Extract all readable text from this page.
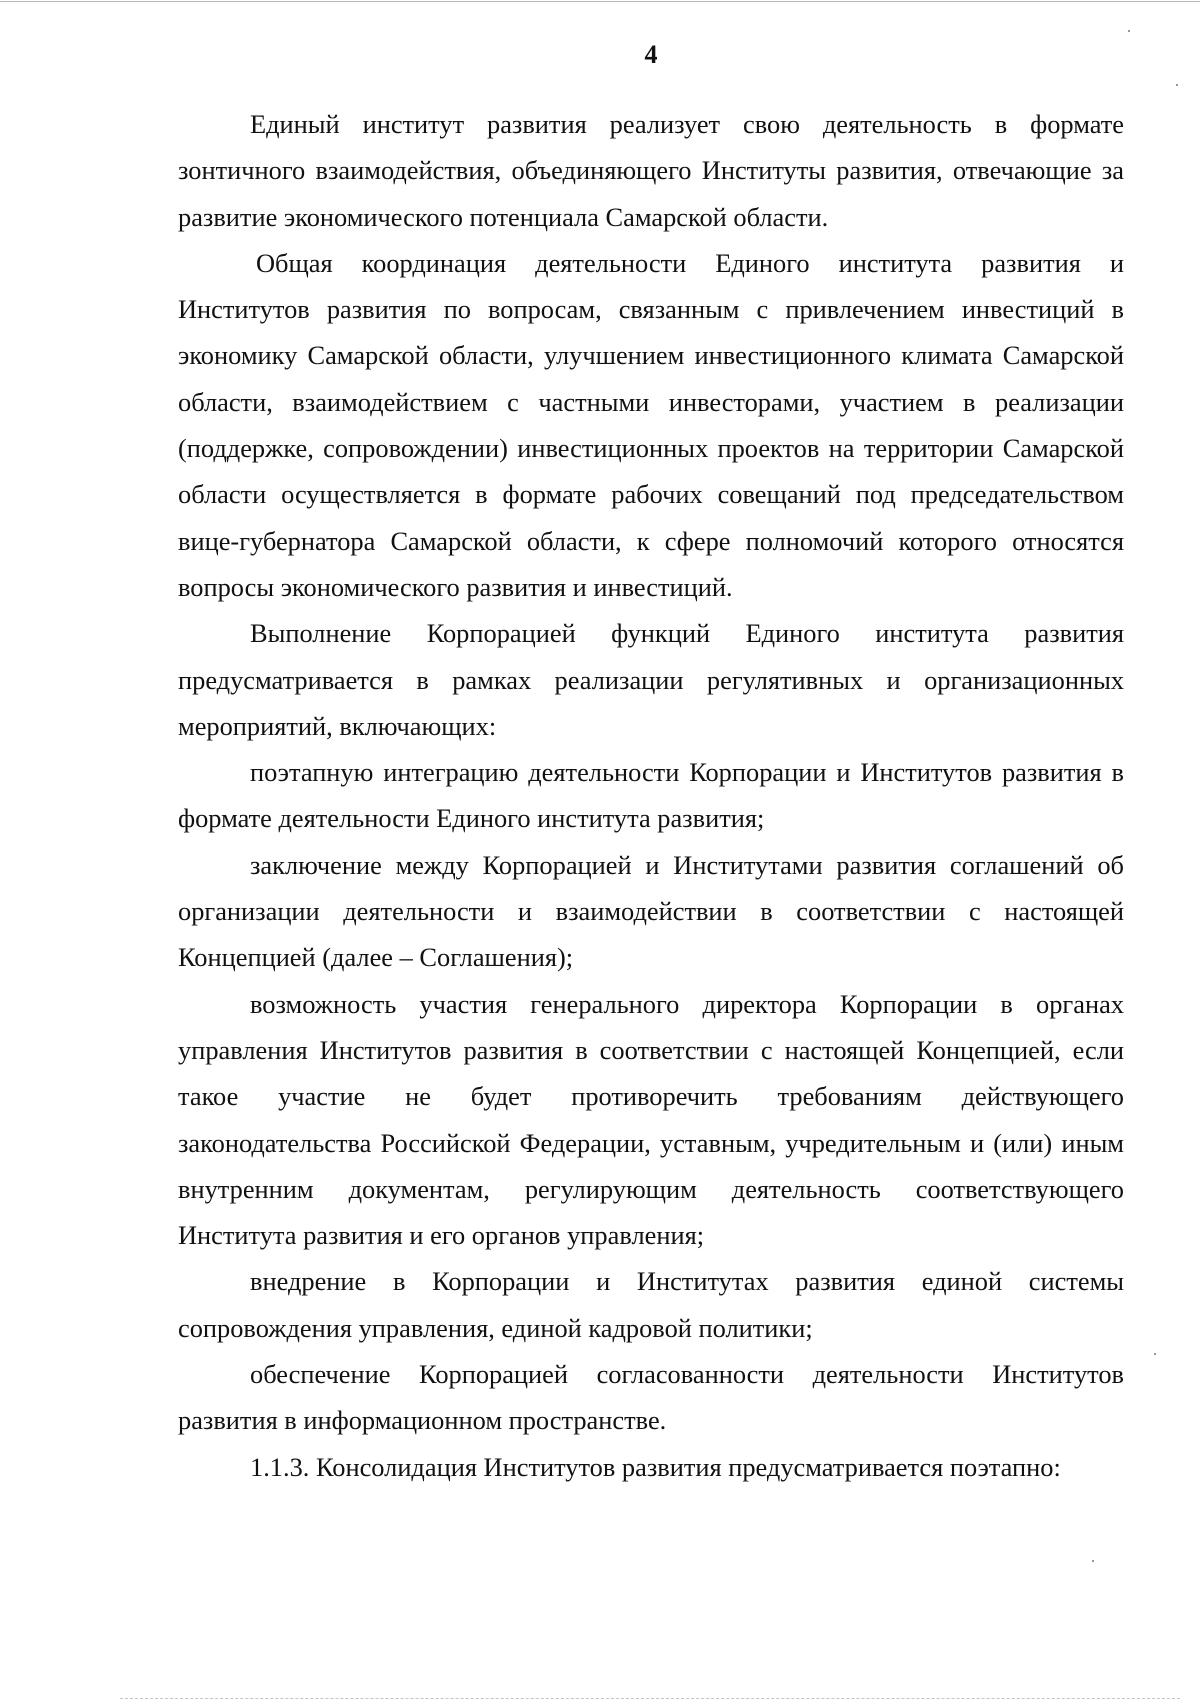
4

Единый институт развития реализует свою деятельность в формате зонтичного взаимодействия, объединяющего Институты развития, отвечающие за развитие экономического потенциала Самарской области.

Общая координация деятельности Единого института развития и Институтов развития по вопросам, связанным с привлечением инвестиций в экономику Самарской области, улучшением инвестиционного климата Самарской области, взаимодействием с частными инвесторами, участием в реализации (поддержке, сопровождении) инвестиционных проектов на территории Самарской области осуществляется в формате рабочих совещаний под председательством вице-губернатора Самарской области, к сфере полномочий которого относятся вопросы экономического развития и инвестиций.

Выполнение Корпорацией функций Единого института развития предусматривается в рамках реализации регулятивных и организационных мероприятий, включающих:

поэтапную интеграцию деятельности Корпорации и Институтов развития в формате деятельности Единого института развития;

заключение между Корпорацией и Институтами развития соглашений об организации деятельности и взаимодействии в соответствии с настоящей Концепцией (далее – Соглашения);

возможность участия генерального директора Корпорации в органах управления Институтов развития в соответствии с настоящей Концепцией, если такое участие не будет противоречить требованиям действующего законодательства Российской Федерации, уставным, учредительным и (или) иным внутренним документам, регулирующим деятельность соответствующего Института развития и его органов управления;

внедрение в Корпорации и Институтах развития единой системы сопровождения управления, единой кадровой политики;

обеспечение Корпорацией согласованности деятельности Институтов развития в информационном пространстве.

1.1.3. Консолидация Институтов развития предусматривается поэтапно:
